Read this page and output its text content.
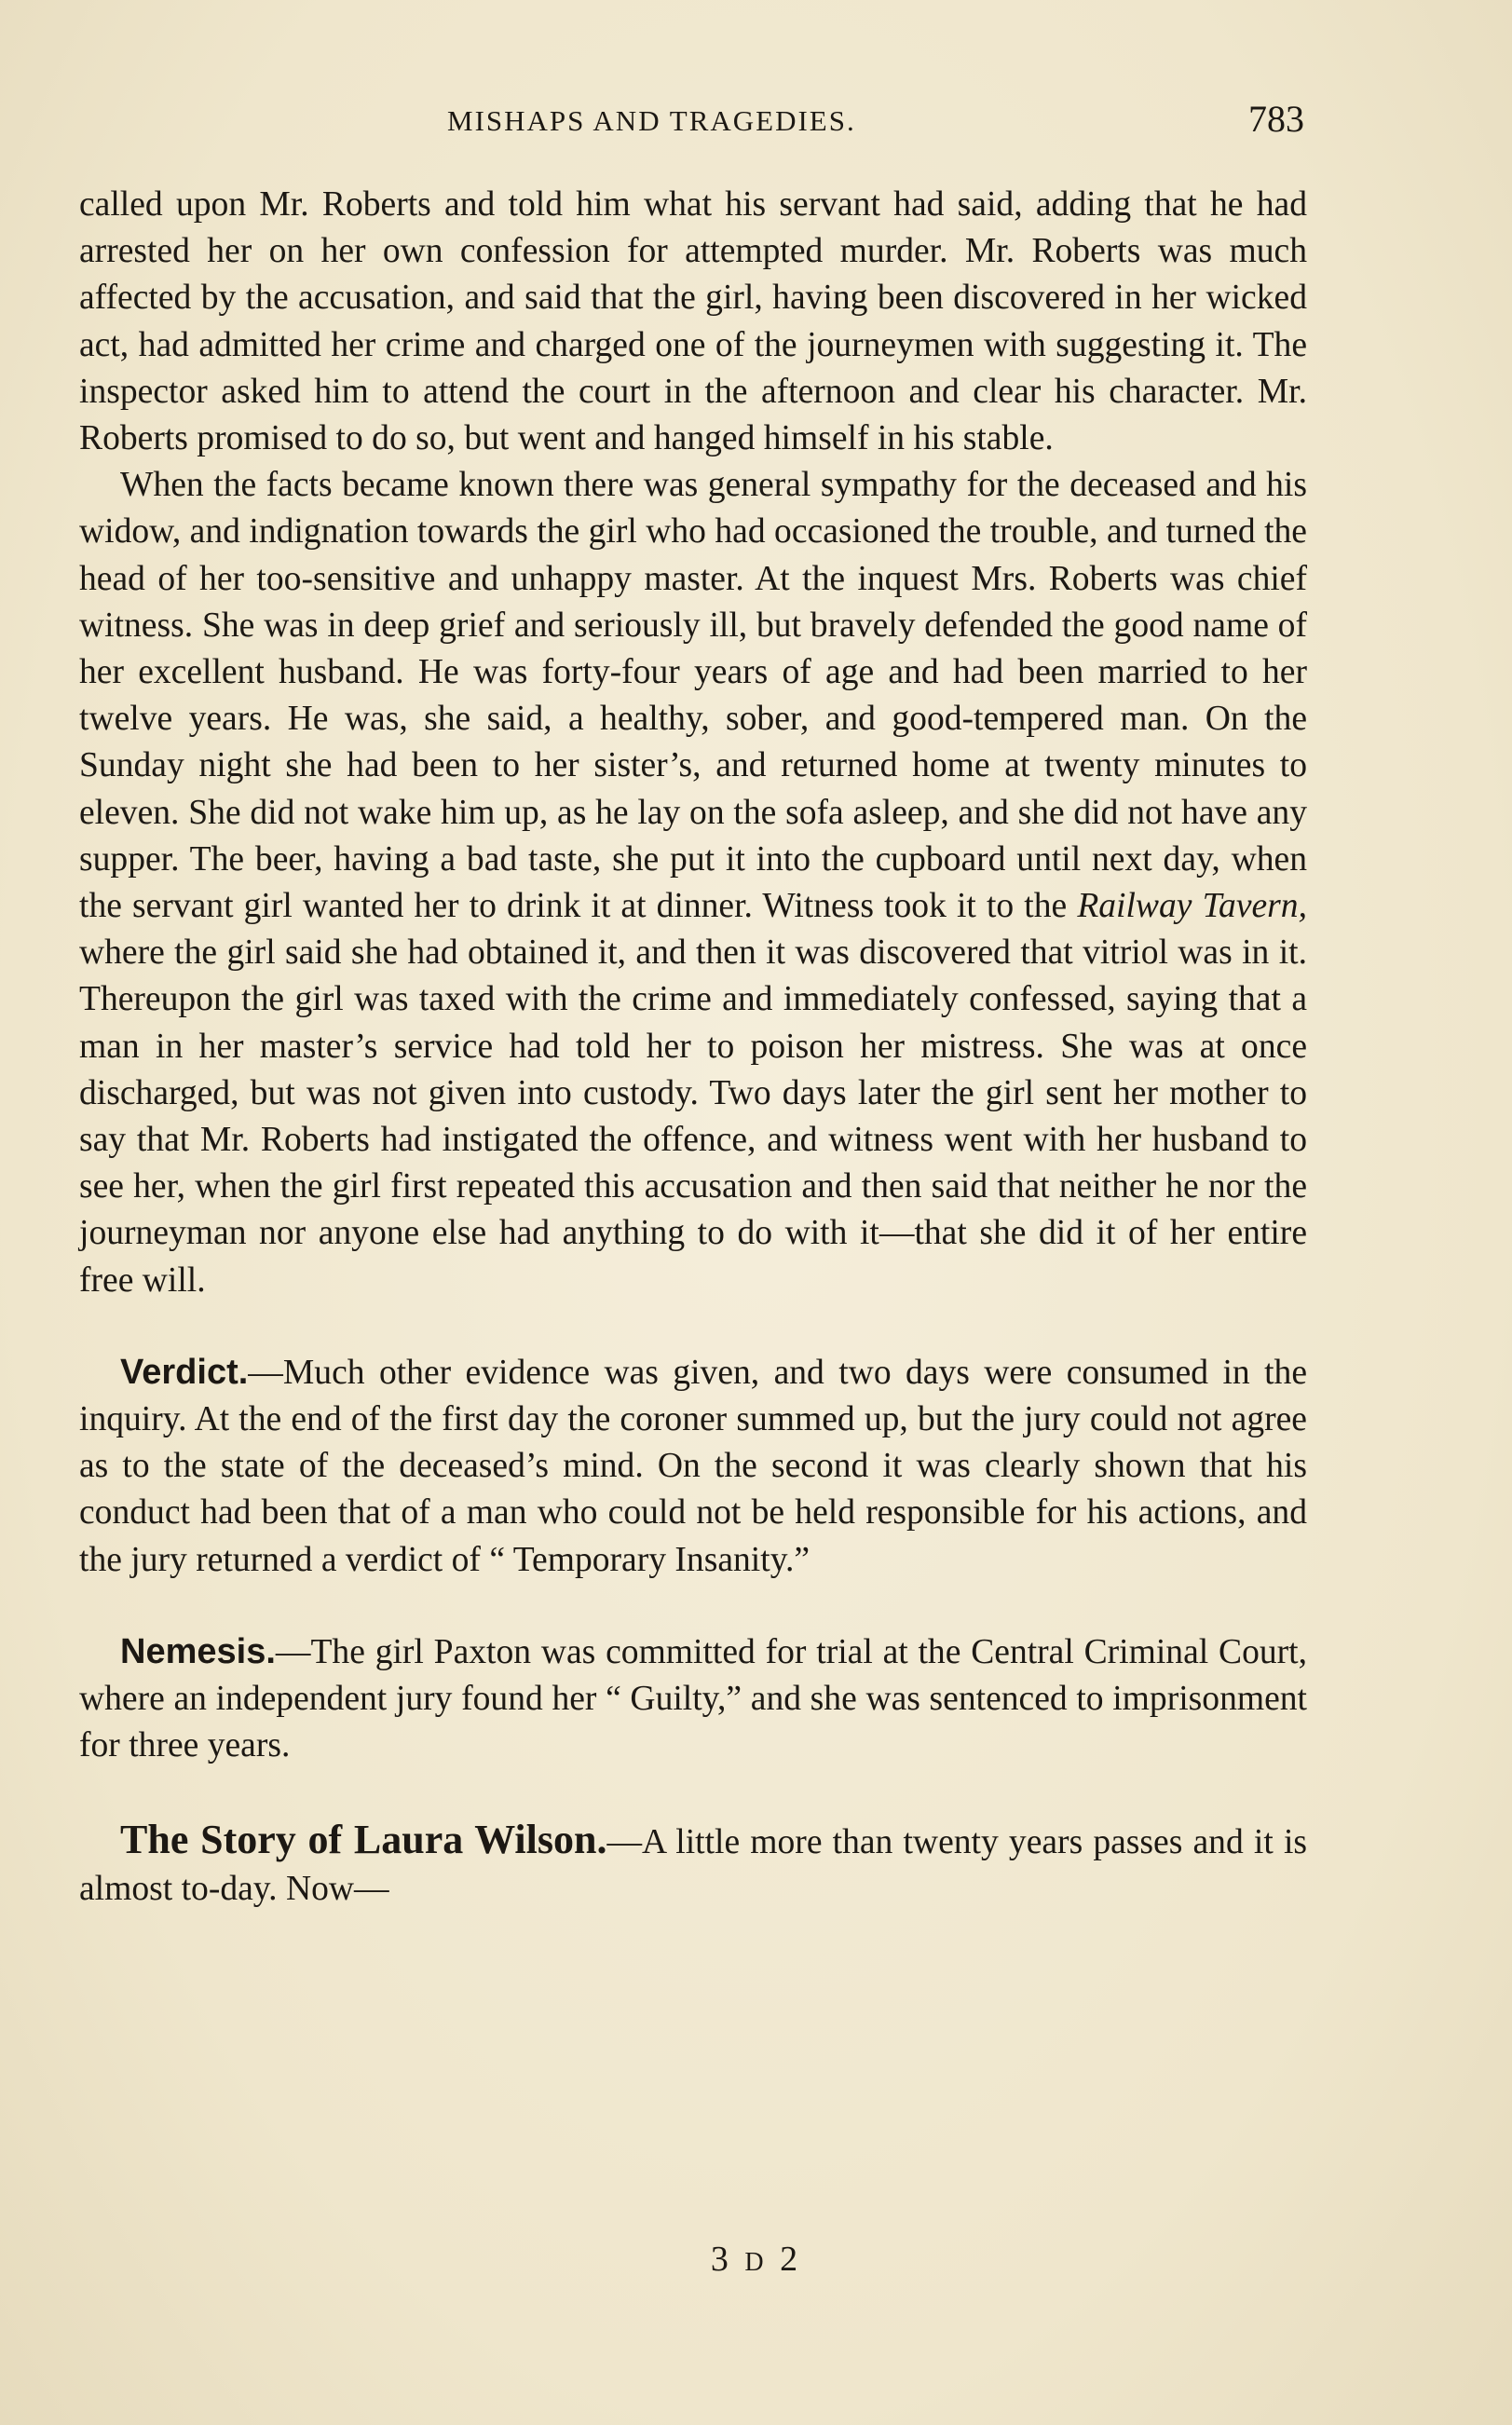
MISHAPS AND TRAGEDIES.	783

called upon Mr. Roberts and told him what his servant had said, adding that he had arrested her on her own confession for attempted murder. Mr. Roberts was much affected by the accusation, and said that the girl, having been discovered in her wicked act, had admitted her crime and charged one of the journeymen with suggesting it. The inspector asked him to attend the court in the afternoon and clear his character. Mr. Roberts promised to do so, but went and hanged himself in his stable.

When the facts became known there was general sympathy for the deceased and his widow, and indignation towards the girl who had occasioned the trouble, and turned the head of her too-sensitive and unhappy master. At the inquest Mrs. Roberts was chief witness. She was in deep grief and seriously ill, but bravely defended the good name of her excellent husband. He was forty-four years of age and had been married to her twelve years. He was, she said, a healthy, sober, and good-tempered man. On the Sunday night she had been to her sister’s, and returned home at twenty minutes to eleven. She did not wake him up, as he lay on the sofa asleep, and she did not have any supper. The beer, having a bad taste, she put it into the cupboard until next day, when the servant girl wanted her to drink it at dinner. Witness took it to the Railway Tavern, where the girl said she had obtained it, and then it was discovered that vitriol was in it. Thereupon the girl was taxed with the crime and immediately confessed, saying that a man in her master’s service had told her to poison her mistress. She was at once discharged, but was not given into custody. Two days later the girl sent her mother to say that Mr. Roberts had instigated the offence, and witness went with her husband to see her, when the girl first repeated this accusation and then said that neither he nor the journeyman nor anyone else had anything to do with it—that she did it of her entire free will.

Verdict.—Much other evidence was given, and two days were consumed in the inquiry. At the end of the first day the coroner summed up, but the jury could not agree as to the state of the deceased’s mind. On the second it was clearly shown that his conduct had been that of a man who could not be held responsible for his actions, and the jury returned a verdict of “ Temporary Insanity.”

Nemesis.—The girl Paxton was committed for trial at the Central Criminal Court, where an independent jury found her “ Guilty,” and she was sentenced to imprisonment for three years.

The Story of Laura Wilson.—A little more than twenty years passes and it is almost to-day. Now—

3 D 2
